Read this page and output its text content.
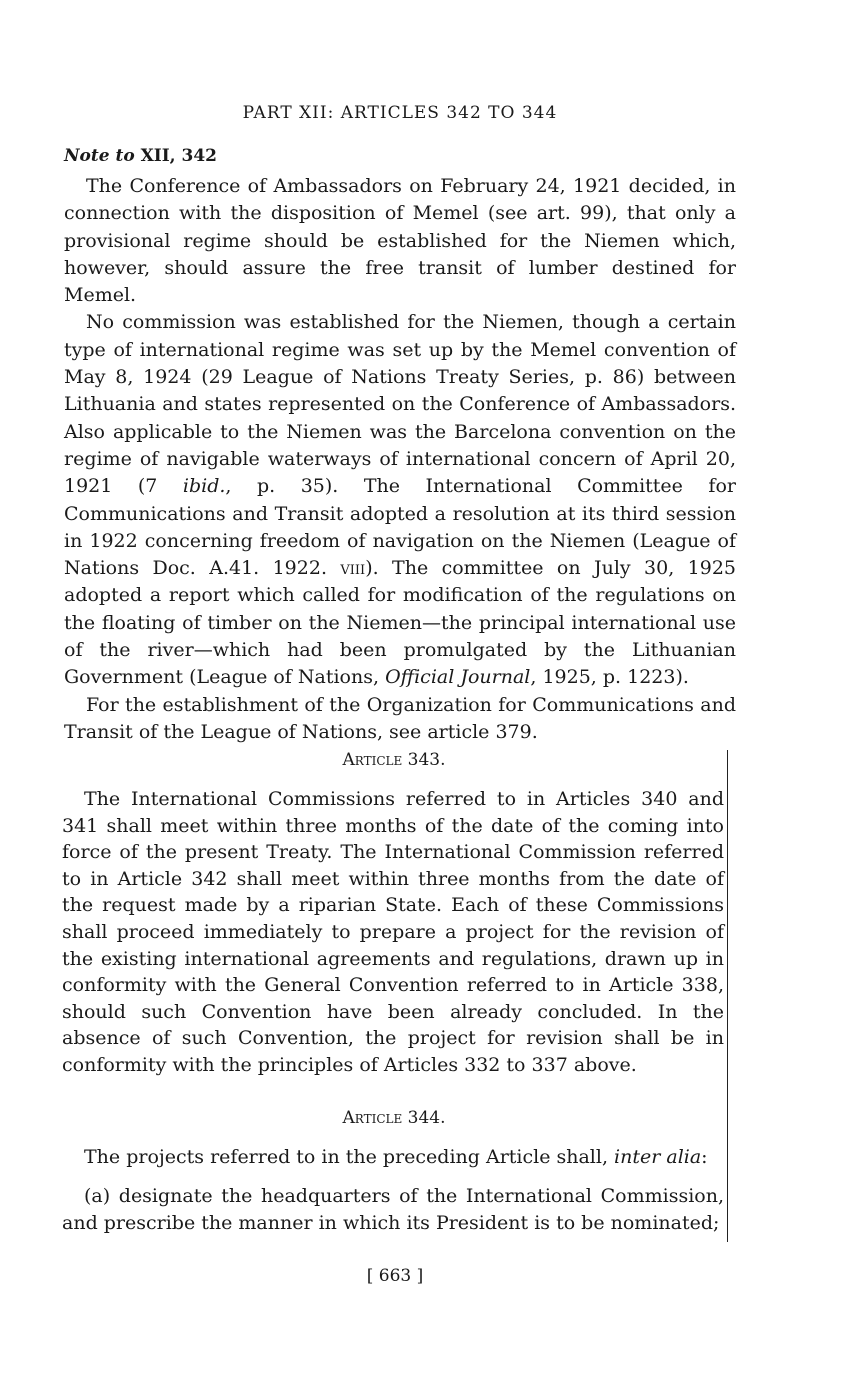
PART XII: ARTICLES 342 TO 344
Note to XII, 342

The Conference of Ambassadors on February 24, 1921 decided, in connection with the disposition of Memel (see art. 99), that only a provisional regime should be established for the Niemen which, however, should assure the free transit of lumber destined for Memel.

No commission was established for the Niemen, though a certain type of international regime was set up by the Memel convention of May 8, 1924 (29 League of Nations Treaty Series, p. 86) between Lithuania and states represented on the Conference of Ambassadors. Also applicable to the Niemen was the Barcelona convention on the regime of navigable waterways of international concern of April 20, 1921 (7 ibid., p. 35). The International Committee for Communications and Transit adopted a resolution at its third session in 1922 concerning freedom of navigation on the Niemen (League of Nations Doc. A.41. 1922. viii). The committee on July 30, 1925 adopted a report which called for modification of the regulations on the floating of timber on the Niemen—the principal international use of the river—which had been promulgated by the Lithuanian Government (League of Nations, Official Journal, 1925, p. 1223).

For the establishment of the Organization for Communications and Transit of the League of Nations, see article 379.

Article 343.

The International Commissions referred to in Articles 340 and 341 shall meet within three months of the date of the coming into force of the present Treaty. The International Commission referred to in Article 342 shall meet within three months from the date of the request made by a riparian State. Each of these Commissions shall proceed immediately to prepare a project for the revision of the existing international agreements and regulations, drawn up in conformity with the General Convention referred to in Article 338, should such Convention have been already concluded. In the absence of such Convention, the project for revision shall be in conformity with the principles of Articles 332 to 337 above.

Article 344.

The projects referred to in the preceding Article shall, inter alia:

(a) designate the headquarters of the International Commission, and prescribe the manner in which its President is to be nominated;

[ 663 ]
